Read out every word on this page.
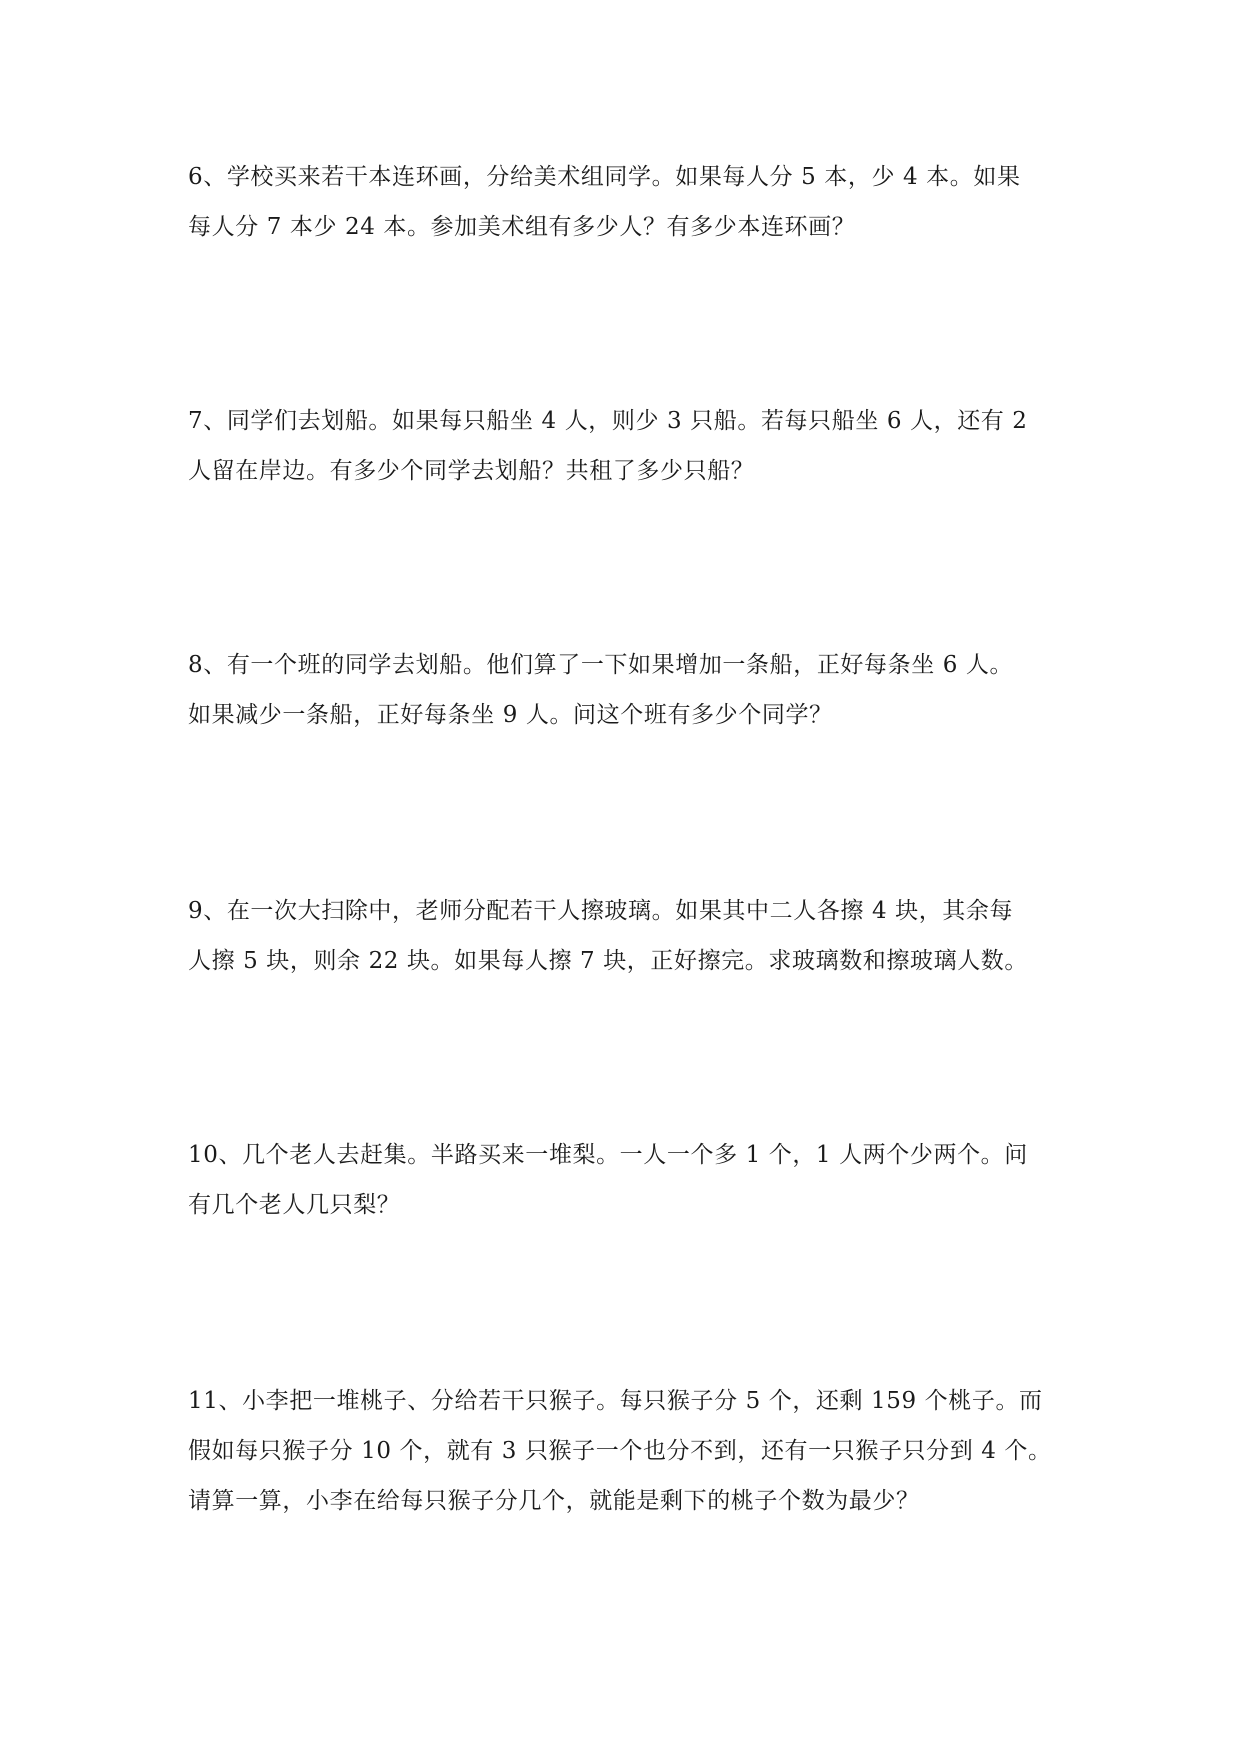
6、学校买来若干本连环画，分给美术组同学。如果每人分 5 本，少 4 本。如果
每人分 7 本少 24 本。参加美术组有多少人？有多少本连环画？
7、同学们去划船。如果每只船坐 4 人，则少 3 只船。若每只船坐 6 人，还有 2
人留在岸边。有多少个同学去划船？共租了多少只船？
8、有一个班的同学去划船。他们算了一下如果增加一条船，正好每条坐 6 人。
如果减少一条船，正好每条坐 9 人。问这个班有多少个同学？
9、在一次大扫除中，老师分配若干人擦玻璃。如果其中二人各擦 4 块，其余每
人擦 5 块，则余 22 块。如果每人擦 7 块，正好擦完。求玻璃数和擦玻璃人数。
10、几个老人去赶集。半路买来一堆梨。一人一个多 1 个，1 人两个少两个。问
有几个老人几只梨？
11、小李把一堆桃子、分给若干只猴子。每只猴子分 5 个，还剩 159 个桃子。而
假如每只猴子分 10 个，就有 3 只猴子一个也分不到，还有一只猴子只分到 4 个。
请算一算，小李在给每只猴子分几个，就能是剩下的桃子个数为最少？
